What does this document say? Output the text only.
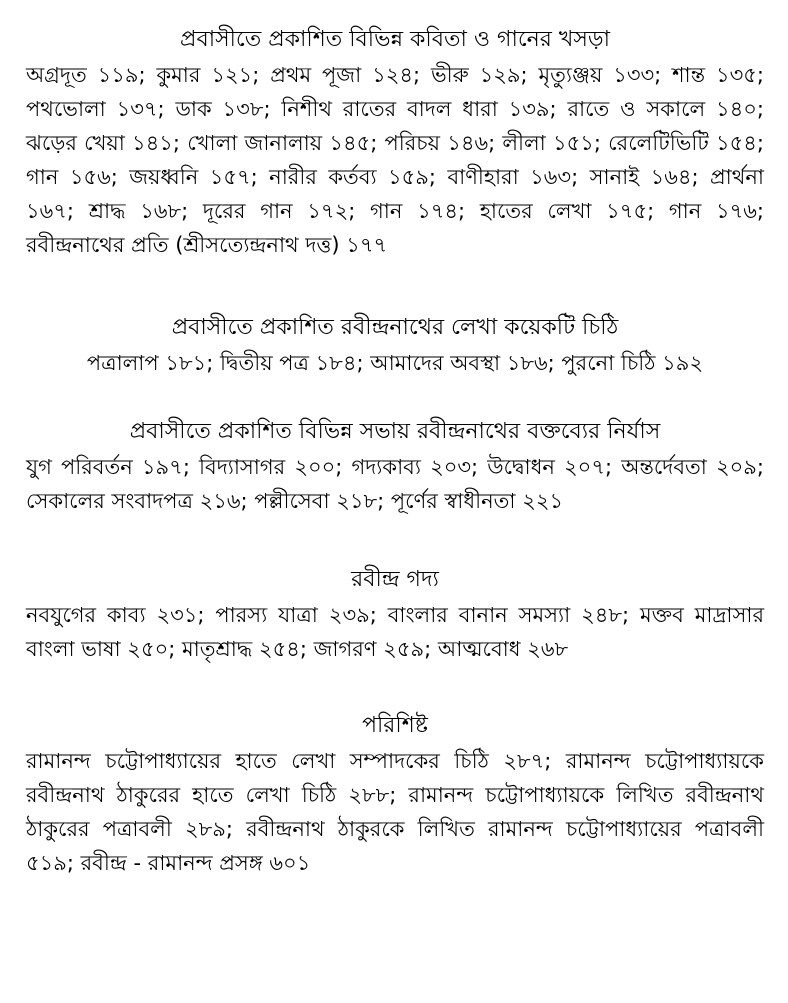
প্রবাসীতে প্রকাশিত বিভিন্ন কবিতা ও গানের খসড়া

অগ্রদূত ১১৯; কুমার ১২১; প্রথম পূজা ১২৪; ভীরু ১২৯; মৃত্যুঞ্জয় ১৩৩; শান্ত ১৩৫; পথভোলা ১৩৭; ডাক ১৩৮; নিশীথ রাতের বাদল ধারা ১৩৯; রাতে ও সকালে ১৪০; ঝড়ের খেয়া ১৪১; খোলা জানালায় ১৪৫; পরিচয় ১৪৬; লীলা ১৫১; রেলেটিভিটি ১৫৪; গান ১৫৬; জয়ধ্বনি ১৫৭; নারীর কর্তব্য ১৫৯; বাণীহারা ১৬৩; সানাই ১৬৪; প্রার্থনা ১৬৭; শ্রাদ্ধ ১৬৮; দূরের গান ১৭২; গান ১৭৪; হাতের লেখা ১৭৫; গান ১৭৬; রবীন্দ্রনাথের প্রতি (শ্রীসত্যেন্দ্রনাথ দত্ত) ১৭৭

প্রবাসীতে প্রকাশিত রবীন্দ্রনাথের লেখা কয়েকটি চিঠি

পত্রালাপ ১৮১; দ্বিতীয় পত্র ১৮৪; আমাদের অবস্থা ১৮৬; পুরনো চিঠি ১৯২

প্রবাসীতে প্রকাশিত বিভিন্ন সভায় রবীন্দ্রনাথের বক্তব্যের নির্যাস

যুগ পরিবর্তন ১৯৭; বিদ্যাসাগর ২০০; গদ্যকাব্য ২০৩; উদ্বোধন ২০৭; অন্তর্দেবতা ২০৯; সেকালের সংবাদপত্র ২১৬; পল্লীসেবা ২১৮; পূর্ণের স্বাধীনতা ২২১

রবীন্দ্র গদ্য

নবযুগের কাব্য ২৩১; পারস্য যাত্রা ২৩৯; বাংলার বানান সমস্যা ২৪৮; মক্তব মাদ্রাসার বাংলা ভাষা ২৫০; মাতৃশ্রাদ্ধ ২৫৪; জাগরণ ২৫৯; আত্মবোধ ২৬৮

পরিশিষ্ট

রামানন্দ চট্টোপাধ্যায়ের হাতে লেখা সম্পাদকের চিঠি ২৮৭; রামানন্দ চট্টোপাধ্যায়কে রবীন্দ্রনাথ ঠাকুরের হাতে লেখা চিঠি ২৮৮; রামানন্দ চট্টোপাধ্যায়কে লিখিত রবীন্দ্রনাথ ঠাকুরের পত্রাবলী ২৮৯; রবীন্দ্রনাথ ঠাকুরকে লিখিত রামানন্দ চট্টোপাধ্যায়ের পত্রাবলী ৫১৯; রবীন্দ্র - রামানন্দ প্রসঙ্গ ৬০১
